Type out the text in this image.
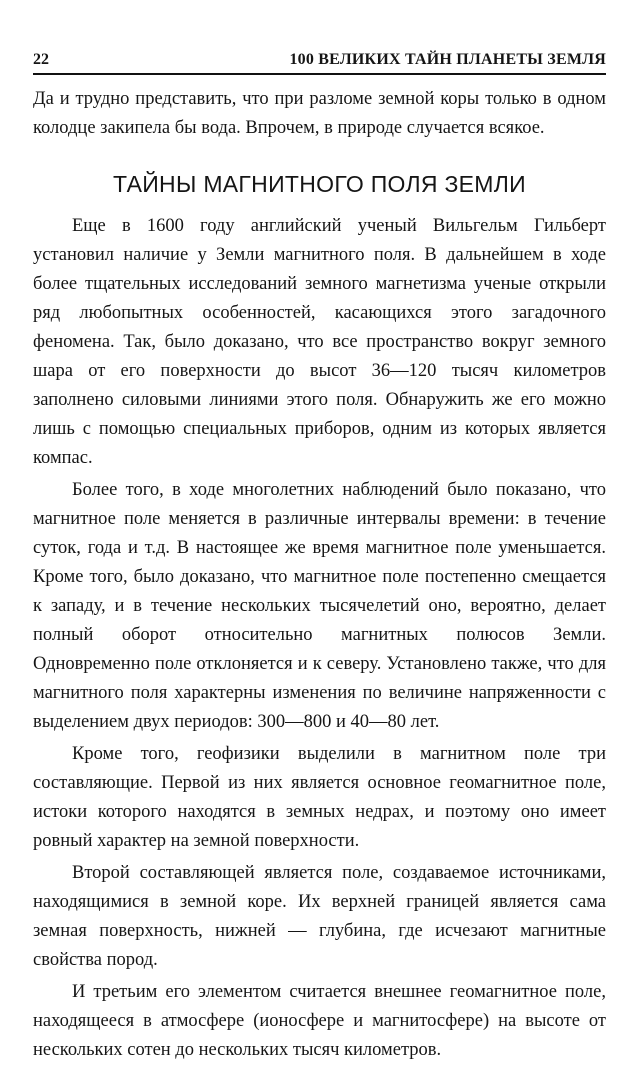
22	100 ВЕЛИКИХ ТАЙН ПЛАНЕТЫ ЗЕМЛЯ

Да и трудно представить, что при разломе земной коры только в одном колодце закипела бы вода. Впрочем, в природе случается всякое.

ТАЙНЫ МАГНИТНОГО ПОЛЯ ЗЕМЛИ

Еще в 1600 году английский ученый Вильгельм Гильберт установил наличие у Земли магнитного поля. В дальнейшем в ходе более тщательных исследований земного магнетизма ученые открыли ряд любопытных особенностей, касающихся этого загадочного феномена. Так, было доказано, что все пространство вокруг земного шара от его поверхности до высот 36—120 тысяч километров заполнено силовыми линиями этого поля. Обнаружить же его можно лишь с помощью специальных приборов, одним из которых является компас.

Более того, в ходе многолетних наблюдений было показано, что магнитное поле меняется в различные интервалы времени: в течение суток, года и т.д. В настоящее же время магнитное поле уменьшается. Кроме того, было доказано, что магнитное поле постепенно смещается к западу, и в течение нескольких тысячелетий оно, вероятно, делает полный оборот относительно магнитных полюсов Земли. Одновременно поле отклоняется и к северу. Установлено также, что для магнитного поля характерны изменения по величине напряженности с выделением двух периодов: 300—800 и 40—80 лет.

Кроме того, геофизики выделили в магнитном поле три составляющие. Первой из них является основное геомагнитное поле, истоки которого находятся в земных недрах, и поэтому оно имеет ровный характер на земной поверхности.

Второй составляющей является поле, создаваемое источниками, находящимися в земной коре. Их верхней границей является сама земная поверхность, нижней — глубина, где исчезают магнитные свойства пород.

И третьим его элементом считается внешнее геомагнитное поле, находящееся в атмосфере (ионосфере и магнитосфере) на высоте от нескольких сотен до нескольких тысяч километров.
